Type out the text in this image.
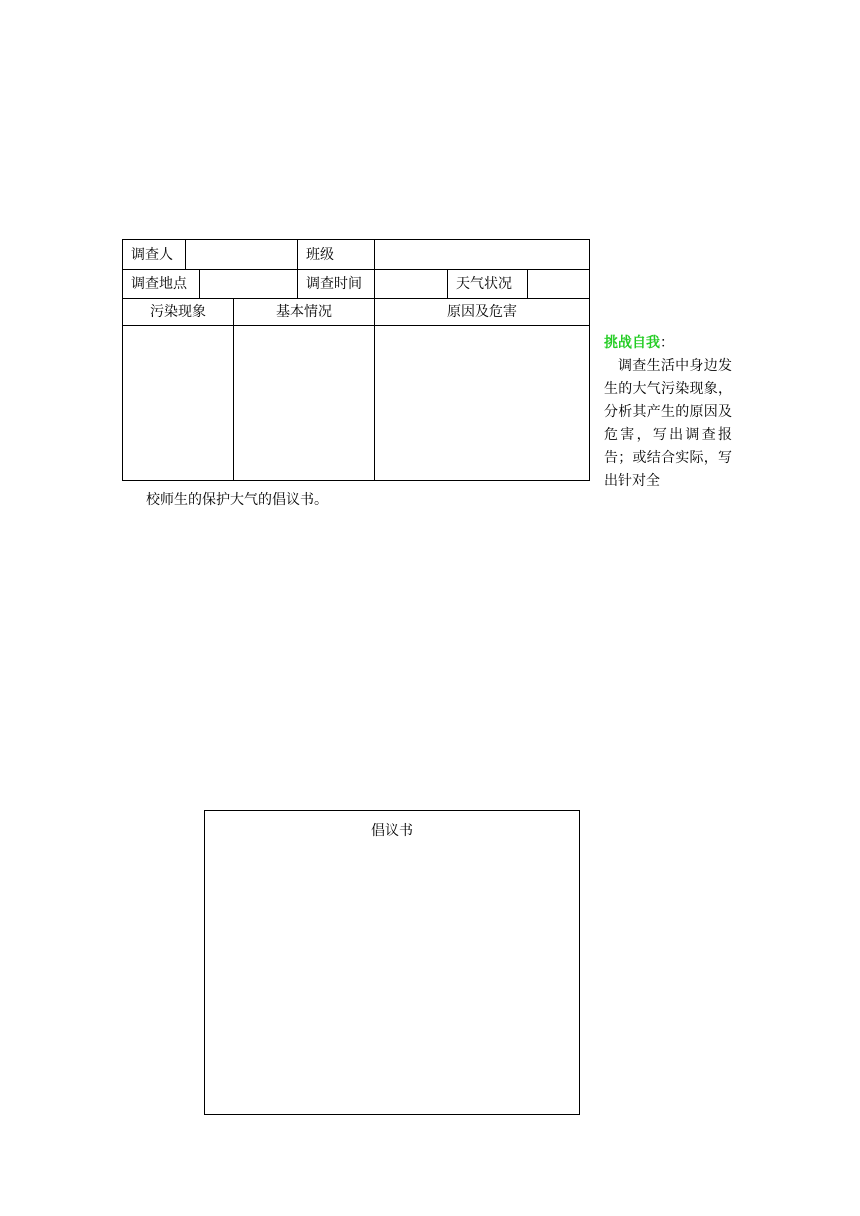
调查人	班级
调查地点	调查时间	天气状况
污染现象	基本情况	原因及危害
挑战自我：
调查生活中身边发生的大气污染现象，分析其产生的原因及危害，写出调查报告；或结合实际，写出针对全
校师生的保护大气的倡议书。
倡议书
